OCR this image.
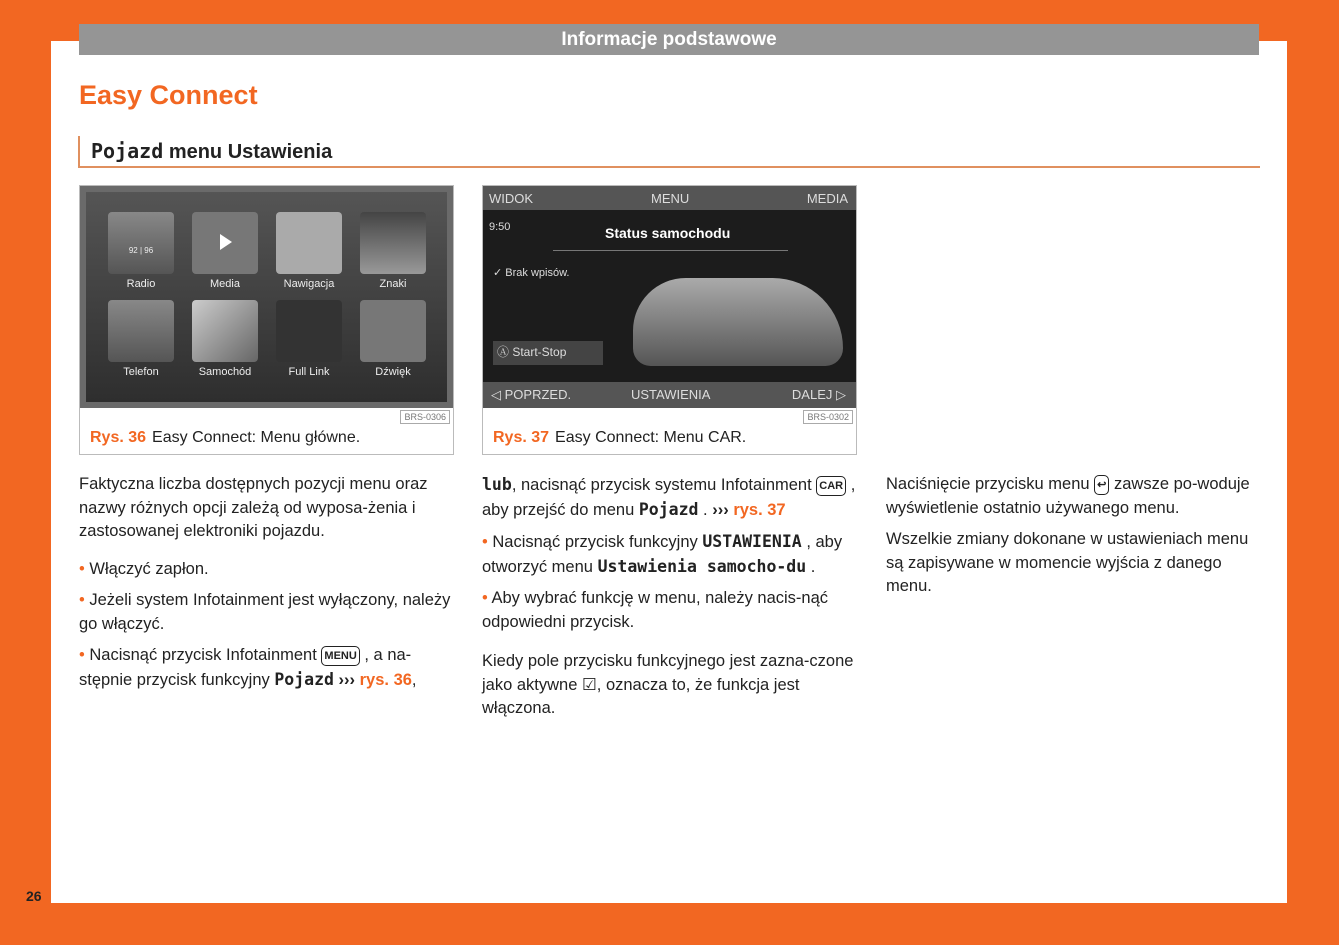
Informacje podstawowe
Easy Connect
Pojazd menu Ustawienia
92 | 96
Radio	Media	Nawigacja	Znaki
Telefon	Samochód	Full Link	Dźwięk
BRS-0306
Rys. 36 Easy Connect: Menu główne.
WIDOK	MENU	MEDIA
9:50	Status samochodu
✓ Brak wpisów.
Ⓐ Start-Stop
◁ POPRZED.	USTAWIENIA	DALEJ ▷
BRS-0302
Rys. 37 Easy Connect: Menu CAR.

Faktyczna liczba dostępnych pozycji menu oraz nazwy różnych opcji zależą od wyposa-żenia i zastosowanej elektroniki pojazdu.

• Włączyć zapłon.

• Jeżeli system Infotainment jest wyłączony, należy go włączyć.

• Nacisnąć przycisk Infotainment MENU , a na-stępnie przycisk funkcyjny Pojazd ››› rys. 36,

lub, nacisnąć przycisk systemu Infotainment CAR , aby przejść do menu Pojazd . ››› rys. 37

• Nacisnąć przycisk funkcyjny USTAWIENIA , aby otworzyć menu Ustawienia samocho-du .

• Aby wybrać funkcję w menu, należy nacis-nąć odpowiedni przycisk.

Kiedy pole przycisku funkcyjnego jest zazna-czone jako aktywne ☑, oznacza to, że funkcja jest włączona.

Naciśnięcie przycisku menu ↩ zawsze po-woduje wyświetlenie ostatnio używanego menu.

Wszelkie zmiany dokonane w ustawieniach menu są zapisywane w momencie wyjścia z danego menu.

26
